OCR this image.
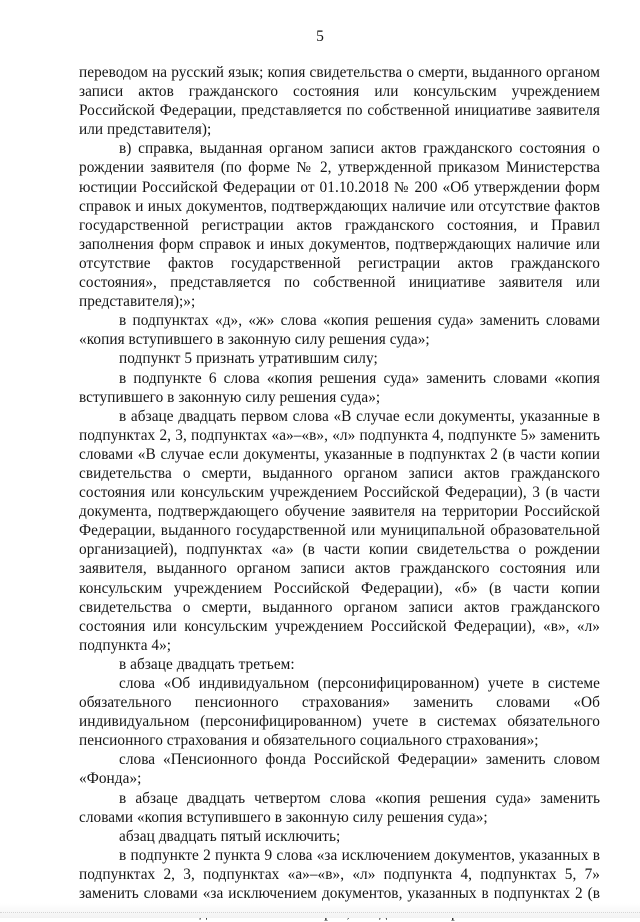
5

переводом на русский язык; копия свидетельства о смерти, выданного органом записи актов гражданского состояния или консульским учреждением Российской Федерации, представляется по собственной инициативе заявителя или представителя);

в) справка, выданная органом записи актов гражданского состояния о рождении заявителя (по форме № 2, утвержденной приказом Министерства юстиции Российской Федерации от 01.10.2018 № 200 «Об утверждении форм справок и иных документов, подтверждающих наличие или отсутствие фактов государственной регистрации актов гражданского состояния, и Правил заполнения форм справок и иных документов, подтверждающих наличие или отсутствие фактов государственной регистрации актов гражданского состояния», представляется по собственной инициативе заявителя или представителя);»;

в подпунктах «д», «ж» слова «копия решения суда» заменить словами «копия вступившего в законную силу решения суда»;

подпункт 5 признать утратившим силу;

в подпункте 6 слова «копия решения суда» заменить словами «копия вступившего в законную силу решения суда»;

в абзаце двадцать первом слова «В случае если документы, указанные в подпунктах 2, 3, подпунктах «а»–«в», «л» подпункта 4, подпункте 5» заменить словами «В случае если документы, указанные в подпунктах 2 (в части копии свидетельства о смерти, выданного органом записи актов гражданского состояния или консульским учреждением Российской Федерации), 3 (в части документа, подтверждающего обучение заявителя на территории Российской Федерации, выданного государственной или муниципальной образовательной организацией), подпунктах «а» (в части копии свидетельства о рождении заявителя, выданного органом записи актов гражданского состояния или консульским учреждением Российской Федерации), «б» (в части копии свидетельства о смерти, выданного органом записи актов гражданского состояния или консульским учреждением Российской Федерации), «в», «л» подпункта 4»;

в абзаце двадцать третьем:

слова «Об индивидуальном (персонифицированном) учете в системе обязательного пенсионного страхования» заменить словами «Об индивидуальном (персонифицированном) учете в системах обязательного пенсионного страхования и обязательного социального страхования»;

слова «Пенсионного фонда Российской Федерации» заменить словом «Фонда»;

в абзаце двадцать четвертом слова «копия решения суда» заменить словами «копия вступившего в законную силу решения суда»;

абзац двадцать пятый исключить;

в подпункте 2 пункта 9 слова «за исключением документов, указанных в подпунктах 2, 3, подпунктах «а»–«в», «л» подпункта 4, подпунктах 5, 7» заменить словами «за исключением документов, указанных в подпунктах 2 (в
